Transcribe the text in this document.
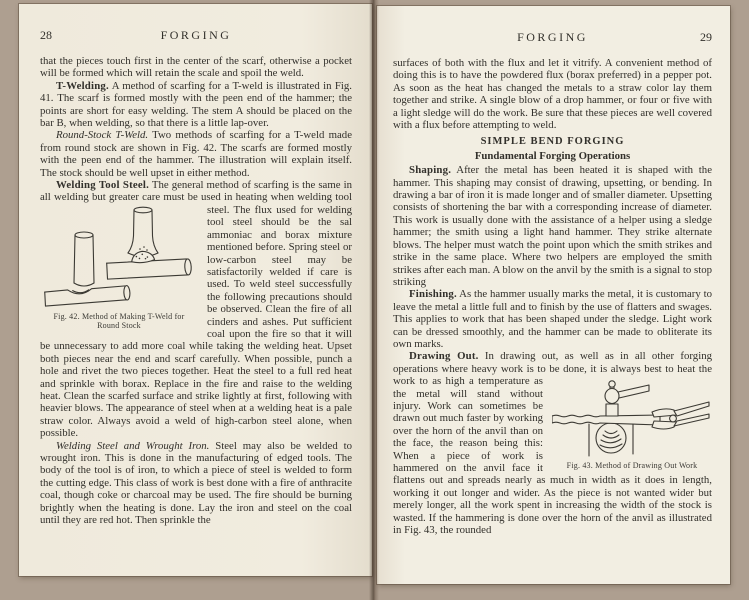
28	FORGING

that the pieces touch first in the center of the scarf, otherwise a pocket will be formed which will retain the scale and spoil the weld.

T-Welding. A method of scarfing for a T-weld is illustrated in Fig. 41. The scarf is formed mostly with the peen end of the hammer; the points are short for easy welding. The stem A should be placed on the bar B, when welding, so that there is a little lap-over.

Round-Stock T-Weld. Two methods of scarfing for a T-weld made from round stock are shown in Fig. 42. The scarfs are formed mostly with the peen end of the hammer. The illustration will explain itself. The stock should be well upset in either method.

Welding Tool Steel. The general method of scarfing is the same in all welding but greater care must be used in heating when
Fig. 42. Method of Making T-Weld for
Round Stock
welding tool steel. The flux used for welding tool steel should be the sal ammoniac and borax mixture mentioned before. Spring steel or low-carbon steel may be satisfactorily welded if care is used. To weld steel successfully the following precautions should be observed. Clean the fire of all cinders and ashes. Put sufficient coal upon the fire so that it will be unnecessary to add more coal while taking the welding heat. Upset both pieces near the end and scarf carefully. When possible, punch a hole and rivet the two pieces together. Heat the steel to a full red heat and sprinkle with borax. Replace in the fire and raise to the welding heat. Clean the scarfed surface and strike lightly at first, following with heavier blows. The appearance of steel when at a welding heat is a pale straw color. Always avoid a weld of high-carbon steel alone, when possible.

Welding Steel and Wrought Iron. Steel may also be welded to wrought iron. This is done in the manufacturing of edged tools. The body of the tool is of iron, to which a piece of steel is welded to form the cutting edge. This class of work is best done with a fire of anthracite coal, though coke or charcoal may be used. The fire should be burning brightly when the heating is done. Lay the iron and steel on the coal until they are red hot. Then sprinkle the

FORGING	29

surfaces of both with the flux and let it vitrify. A convenient method of doing this is to have the powdered flux (borax preferred) in a pepper pot. As soon as the heat has changed the metals to a straw color lay them together and strike. A single blow of a drop hammer, or four or five with a light sledge will do the work. Be sure that these pieces are well covered with a flux before attempting to weld.

SIMPLE BEND FORGING
Fundamental Forging Operations

Shaping. After the metal has been heated it is shaped with the hammer. This shaping may consist of drawing, upsetting, or bending. In drawing a bar of iron it is made longer and of smaller diameter. Upsetting consists of shortening the bar with a corresponding increase of diameter. This work is usually done with the assistance of a helper using a sledge hammer; the smith using a light hand hammer. They strike alternate blows. The helper must watch the point upon which the smith strikes and strike in the same place. Where two helpers are employed the smith strikes after each man. A blow on the anvil by the smith is a signal to stop striking

Finishing. As the hammer usually marks the metal, it is customary to leave the metal a little full and to finish by the use of flatters and swages. This applies to work that has been shaped under the sledge. Light work can be dressed smoothly, and the hammer can be made to obliterate its own marks.

Drawing Out. In drawing out, as well as in all other forging operations where heavy work is to be done, it is always best to heat
Fig. 43. Method of Drawing Out Work
the work to as high a temperature as the metal will stand without injury. Work can sometimes be drawn out much faster by working over the horn of the anvil than on the face, the reason being this: When a piece of work is hammered on the anvil face it flattens out and spreads nearly as much in width as it does in length, working it out longer and wider. As the piece is not wanted wider but merely longer, all the work spent in increasing the width of the stock is wasted. If the hammering is done over the horn of the anvil as illustrated in Fig. 43, the rounded
